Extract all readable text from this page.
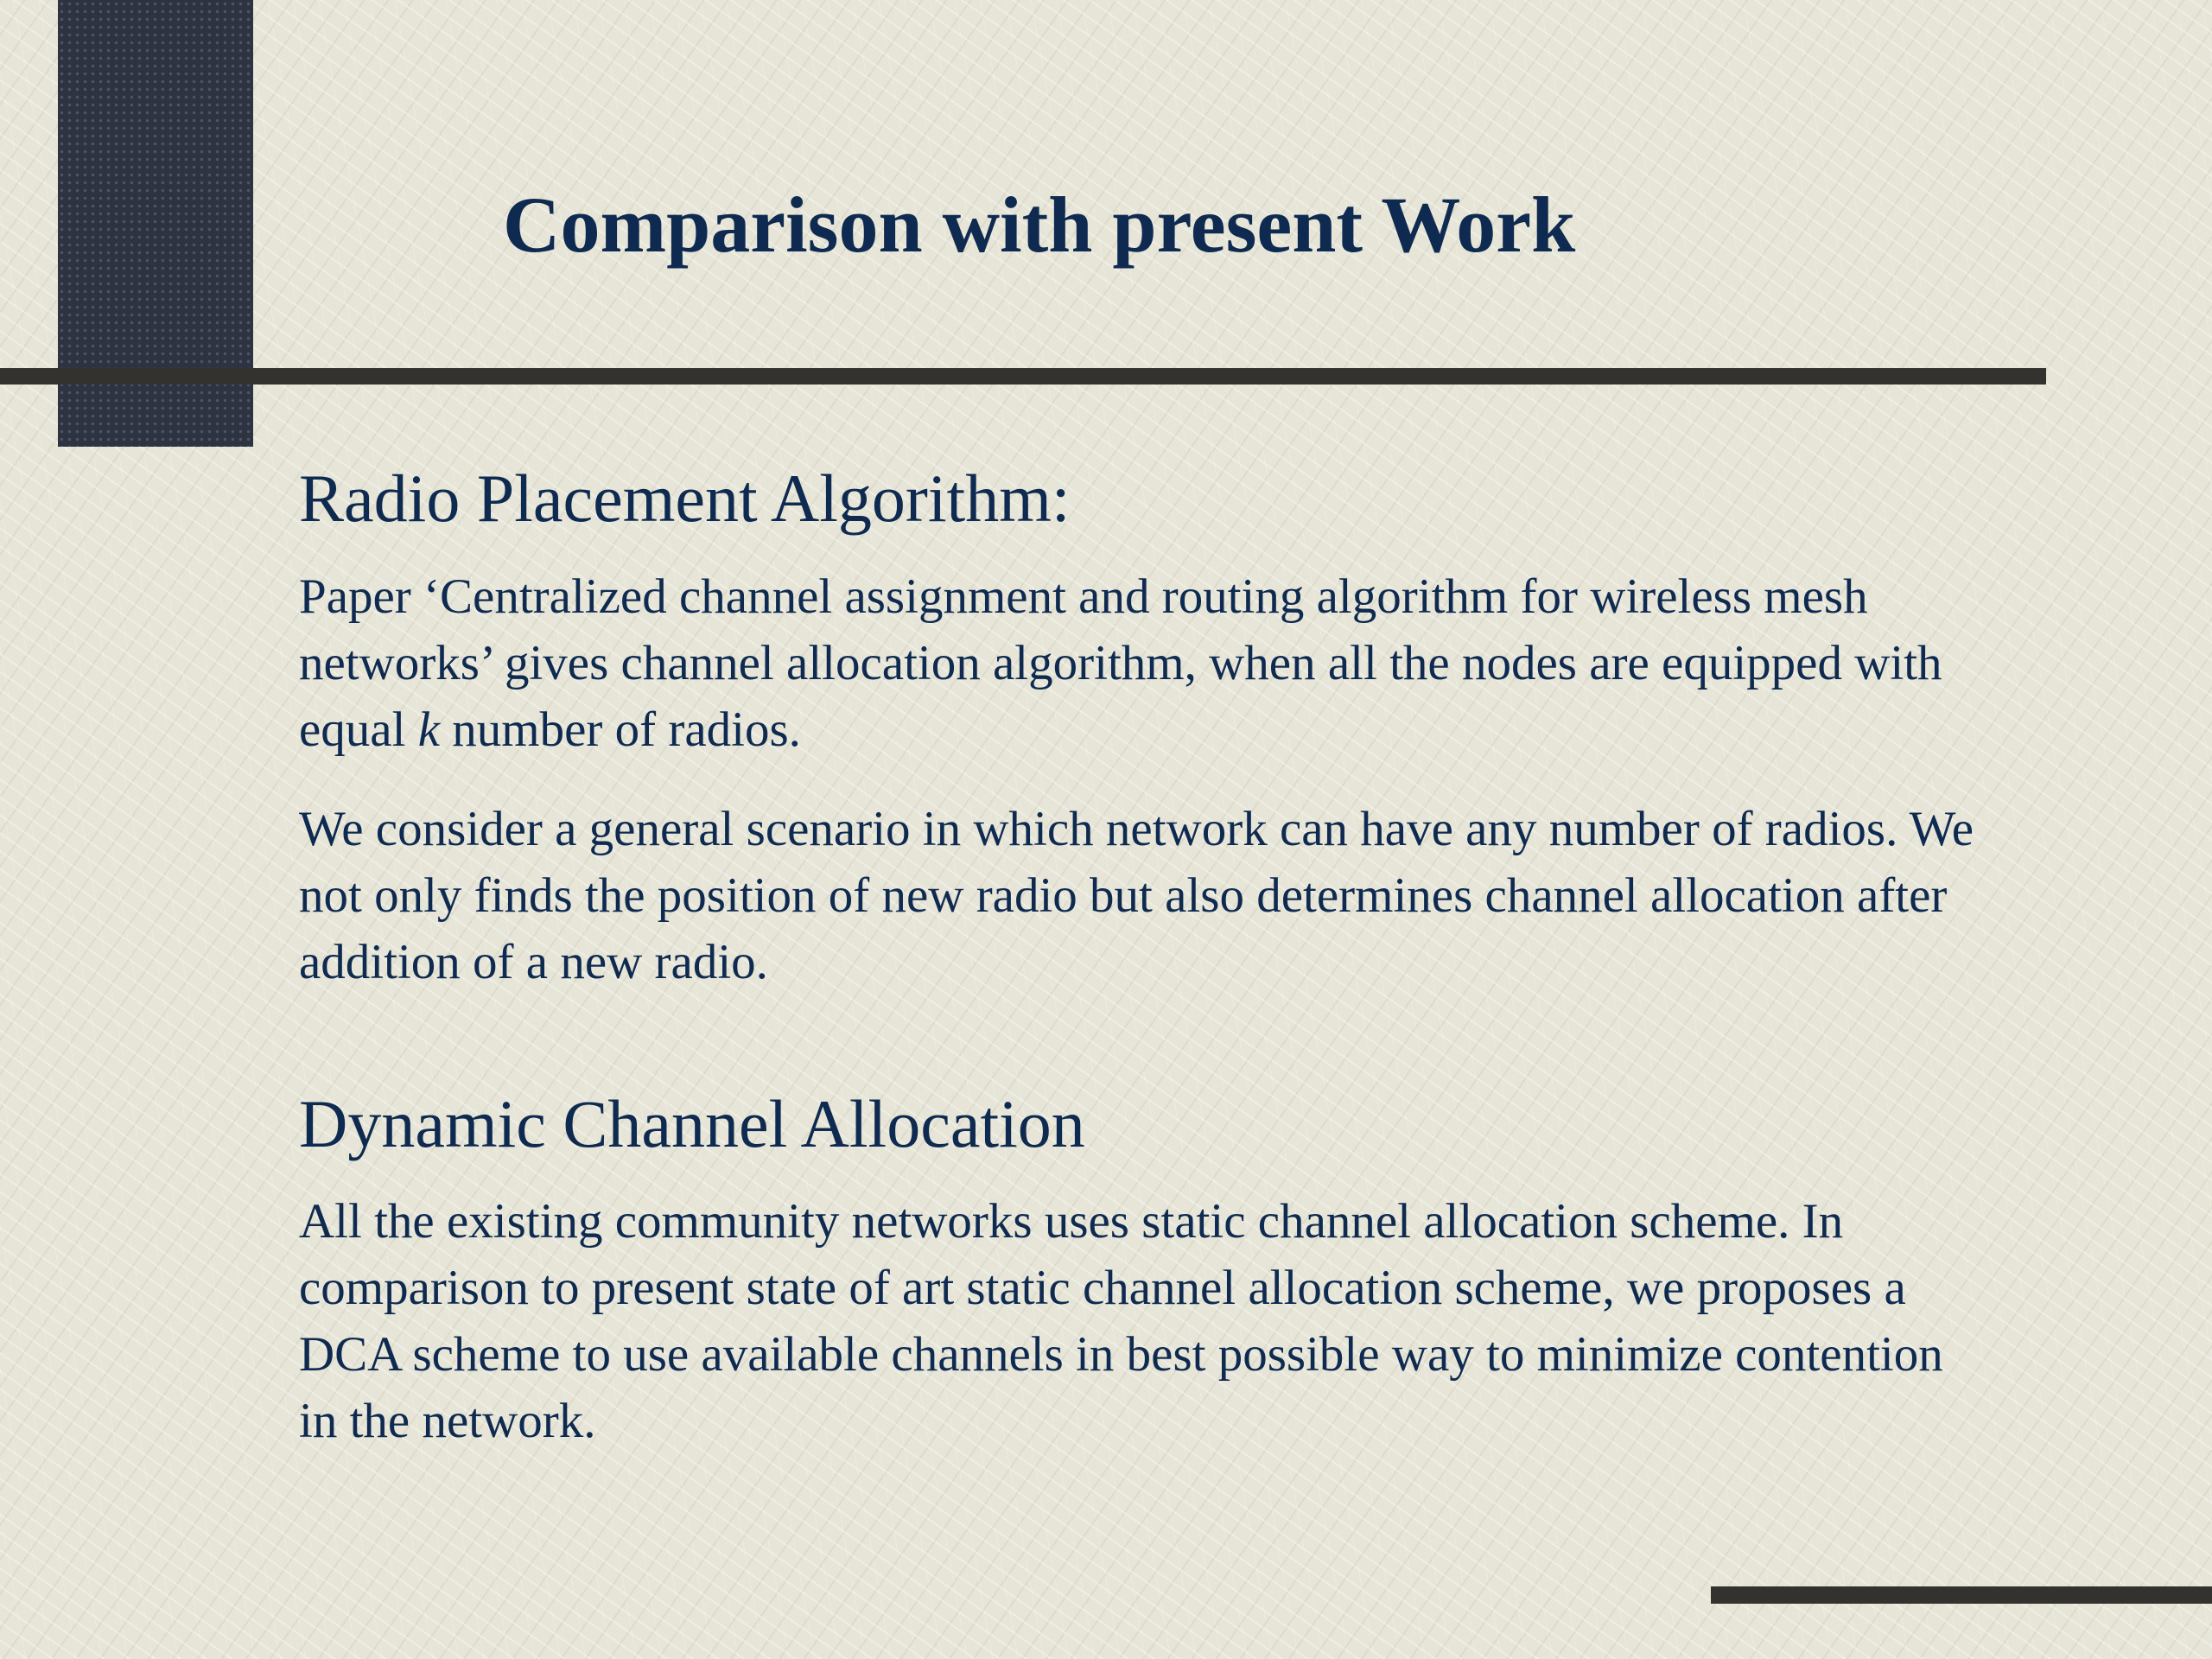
Comparison with present Work
Radio Placement Algorithm:

Paper ‘Centralized channel assignment and routing algorithm for wireless mesh networks’ gives channel allocation algorithm, when all the nodes are equipped with equal k number of radios.

We consider a general scenario in which network can have any number of radios. We not only finds the position of new radio but also determines channel allocation after addition of a new radio.

Dynamic Channel Allocation

All the existing community networks uses static channel allocation scheme. In comparison to present state of art static channel allocation scheme, we proposes a DCA scheme to use available channels in best possible way to minimize contention in the network.
